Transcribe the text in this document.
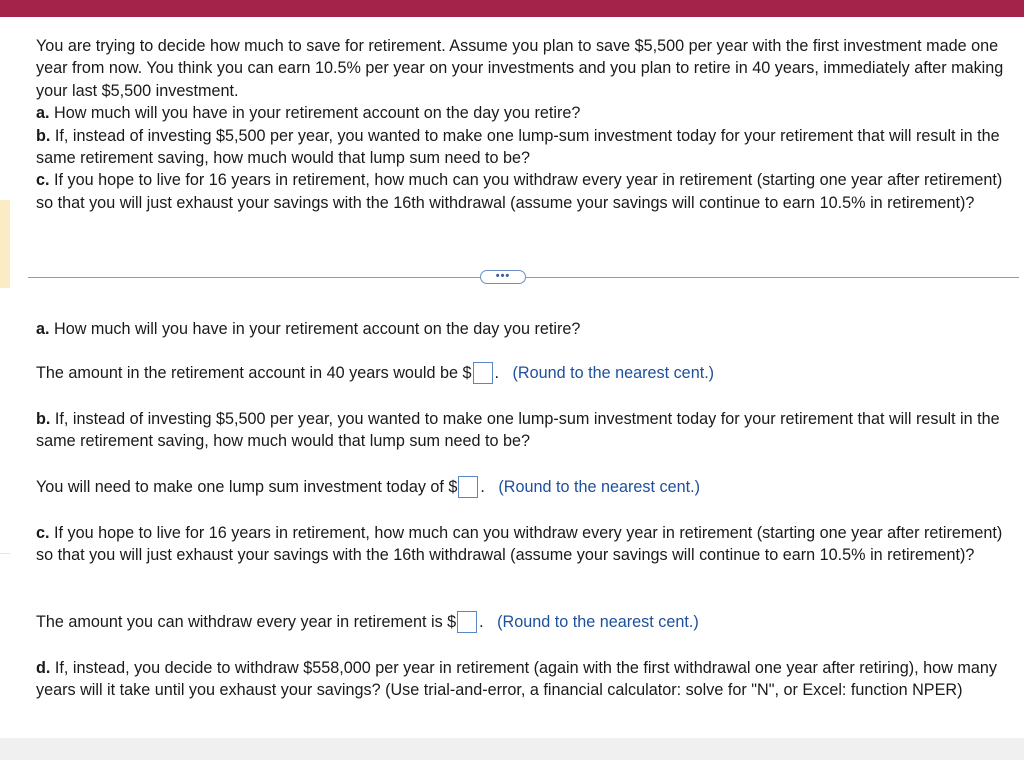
You are trying to decide how much to save for retirement. Assume you plan to save $5,500 per year with the first investment made one year from now. You think you can earn 10.5% per year on your investments and you plan to retire in 40 years, immediately after making your last $5,500 investment.
a. How much will you have in your retirement account on the day you retire?
b. If, instead of investing $5,500 per year, you wanted to make one lump-sum investment today for your retirement that will result in the same retirement saving, how much would that lump sum need to be?
c. If you hope to live for 16 years in retirement, how much can you withdraw every year in retirement (starting one year after retirement) so that you will just exhaust your savings with the 16th withdrawal (assume your savings will continue to earn 10.5% in retirement)?

•••

a. How much will you have in your retirement account on the day you retire?

The amount in the retirement account in 40 years would be $ . (Round to the nearest cent.)

b. If, instead of investing $5,500 per year, you wanted to make one lump-sum investment today for your retirement that will result in the same retirement saving, how much would that lump sum need to be?

You will need to make one lump sum investment today of $ . (Round to the nearest cent.)

c. If you hope to live for 16 years in retirement, how much can you withdraw every year in retirement (starting one year after retirement) so that you will just exhaust your savings with the 16th withdrawal (assume your savings will continue to earn 10.5% in retirement)?

The amount you can withdraw every year in retirement is $ . (Round to the nearest cent.)

d. If, instead, you decide to withdraw $558,000 per year in retirement (again with the first withdrawal one year after retiring), how many years will it take until you exhaust your savings? (Use trial-and-error, a financial calculator: solve for "N", or Excel: function NPER)
